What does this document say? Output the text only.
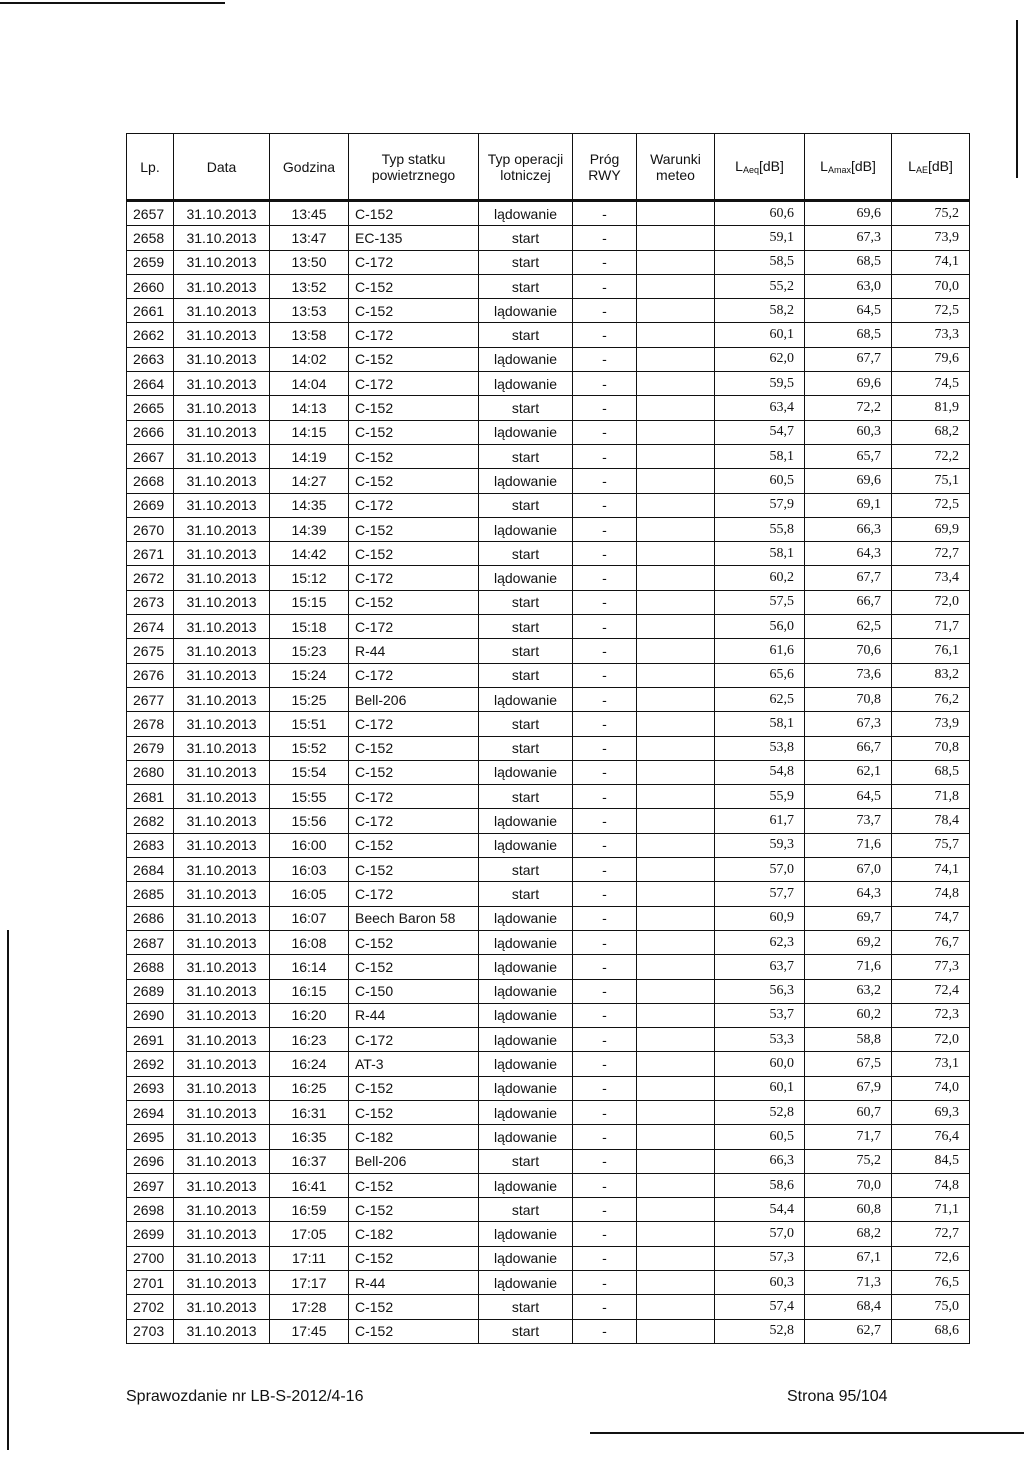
Lp.	Data	Godzina	Typ statku powietrznego	Typ operacji lotniczej	Próg RWY	Warunki meteo	$L_{Aeq}[dB]$	$L_{Amax}[dB]$	$L_{AE}[dB]$
2657	31.10.2013	13:45	C-152	lądowanie	-		60,6	69,6	75,2
2658	31.10.2013	13:47	EC-135	start	-		59,1	67,3	73,9
2659	31.10.2013	13:50	C-172	start	-		58,5	68,5	74,1
2660	31.10.2013	13:52	C-152	start	-		55,2	63,0	70,0
2661	31.10.2013	13:53	C-152	lądowanie	-		58,2	64,5	72,5
2662	31.10.2013	13:58	C-172	start	-		60,1	68,5	73,3
2663	31.10.2013	14:02	C-152	lądowanie	-		62,0	67,7	79,6
2664	31.10.2013	14:04	C-172	lądowanie	-		59,5	69,6	74,5
2665	31.10.2013	14:13	C-152	start	-		63,4	72,2	81,9
2666	31.10.2013	14:15	C-152	lądowanie	-		54,7	60,3	68,2
2667	31.10.2013	14:19	C-152	start	-		58,1	65,7	72,2
2668	31.10.2013	14:27	C-152	lądowanie	-		60,5	69,6	75,1
2669	31.10.2013	14:35	C-172	start	-		57,9	69,1	72,5
2670	31.10.2013	14:39	C-152	lądowanie	-		55,8	66,3	69,9
2671	31.10.2013	14:42	C-152	start	-		58,1	64,3	72,7
2672	31.10.2013	15:12	C-172	lądowanie	-		60,2	67,7	73,4
2673	31.10.2013	15:15	C-152	start	-		57,5	66,7	72,0
2674	31.10.2013	15:18	C-172	start	-		56,0	62,5	71,7
2675	31.10.2013	15:23	R-44	start	-		61,6	70,6	76,1
2676	31.10.2013	15:24	C-172	start	-		65,6	73,6	83,2
2677	31.10.2013	15:25	Bell-206	lądowanie	-		62,5	70,8	76,2
2678	31.10.2013	15:51	C-172	start	-		58,1	67,3	73,9
2679	31.10.2013	15:52	C-152	start	-		53,8	66,7	70,8
2680	31.10.2013	15:54	C-152	lądowanie	-		54,8	62,1	68,5
2681	31.10.2013	15:55	C-172	start	-		55,9	64,5	71,8
2682	31.10.2013	15:56	C-172	lądowanie	-		61,7	73,7	78,4
2683	31.10.2013	16:00	C-152	lądowanie	-		59,3	71,6	75,7
2684	31.10.2013	16:03	C-152	start	-		57,0	67,0	74,1
2685	31.10.2013	16:05	C-172	start	-		57,7	64,3	74,8
2686	31.10.2013	16:07	Beech Baron 58	lądowanie	-		60,9	69,7	74,7
2687	31.10.2013	16:08	C-152	lądowanie	-		62,3	69,2	76,7
2688	31.10.2013	16:14	C-152	lądowanie	-		63,7	71,6	77,3
2689	31.10.2013	16:15	C-150	lądowanie	-		56,3	63,2	72,4
2690	31.10.2013	16:20	R-44	lądowanie	-		53,7	60,2	72,3
2691	31.10.2013	16:23	C-172	lądowanie	-		53,3	58,8	72,0
2692	31.10.2013	16:24	AT-3	lądowanie	-		60,0	67,5	73,1
2693	31.10.2013	16:25	C-152	lądowanie	-		60,1	67,9	74,0
2694	31.10.2013	16:31	C-152	lądowanie	-		52,8	60,7	69,3
2695	31.10.2013	16:35	C-182	lądowanie	-		60,5	71,7	76,4
2696	31.10.2013	16:37	Bell-206	start	-		66,3	75,2	84,5
2697	31.10.2013	16:41	C-152	lądowanie	-		58,6	70,0	74,8
2698	31.10.2013	16:59	C-152	start	-		54,4	60,8	71,1
2699	31.10.2013	17:05	C-182	lądowanie	-		57,0	68,2	72,7
2700	31.10.2013	17:11	C-152	lądowanie	-		57,3	67,1	72,6
2701	31.10.2013	17:17	R-44	lądowanie	-		60,3	71,3	76,5
2702	31.10.2013	17:28	C-152	start	-		57,4	68,4	75,0
2703	31.10.2013	17:45	C-152	start	-		52,8	62,7	68,6
Sprawozdanie nr LB-S-2012/4-16	Strona 95/104
